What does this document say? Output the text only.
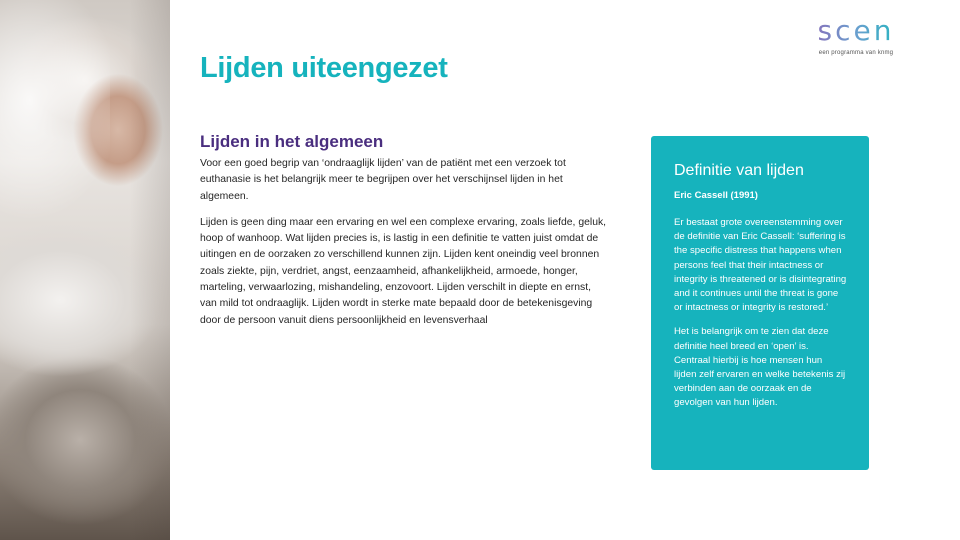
Lijden uiteengezet
scen
een programma van knmg
Lijden in het algemeen

Voor een goed begrip van ‘ondraaglijk lijden’ van de patiënt met een verzoek tot euthanasie is het belangrijk meer te begrijpen over het verschijnsel lijden in het algemeen.

Lijden is geen ding maar een ervaring en wel een complexe ervaring, zoals liefde, geluk, hoop of wanhoop. Wat lijden precies is, is lastig in een definitie te vatten juist omdat de uitingen en de oorzaken zo verschillend kunnen zijn. Lijden kent oneindig veel bronnen zoals ziekte, pijn, verdriet, angst, eenzaamheid, afhankelijkheid, armoede, honger, marteling, verwaarlozing, mishandeling, enzovoort. Lijden verschilt in diepte en ernst, van mild tot ondraaglijk. Lijden wordt in sterke mate bepaald door de betekenisgeving door de persoon vanuit diens persoonlijkheid en levensverhaal

Definitie van lijden

Eric Cassell (1991)

Er bestaat grote overeenstemming over de definitie van Eric Cassell: ‘suffering is the specific distress that happens when persons feel that their intactness or integrity is threatened or is disintegrating and it continues until the threat is gone or intactness or integrity is restored.’

Het is belangrijk om te zien dat deze definitie heel breed en ‘open’ is. Centraal hierbij is hoe mensen hun lijden zelf ervaren en welke betekenis zij verbinden aan de oorzaak en de gevolgen van hun lijden.
